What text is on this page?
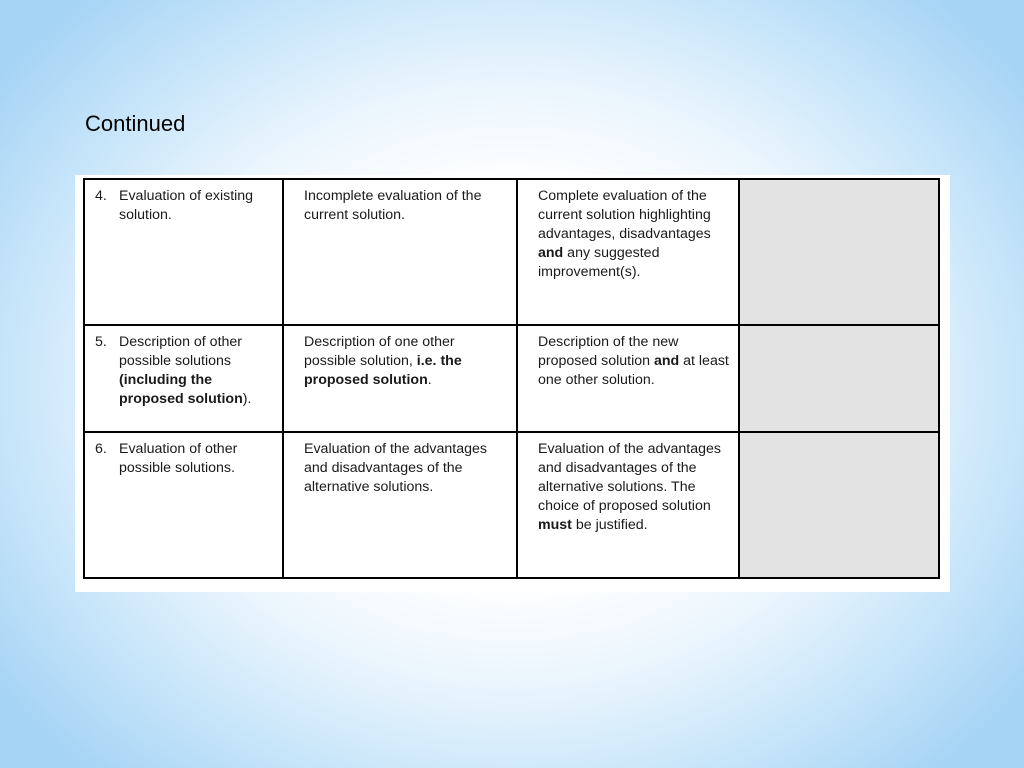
Continued
4. Evaluation of existing solution.	Incomplete evaluation of the current solution.	Complete evaluation of the current solution highlighting advantages, disadvantages and any suggested improvement(s).	

5. Description of other possible solutions (including the proposed solution).	Description of one other possible solution, i.e. the proposed solution.	Description of the new proposed solution and at least one other solution.	

6. Evaluation of other possible solutions.	Evaluation of the advantages and disadvantages of the alternative solutions.	Evaluation of the advantages and disadvantages of the alternative solutions. The choice of proposed solution must be justified.	
